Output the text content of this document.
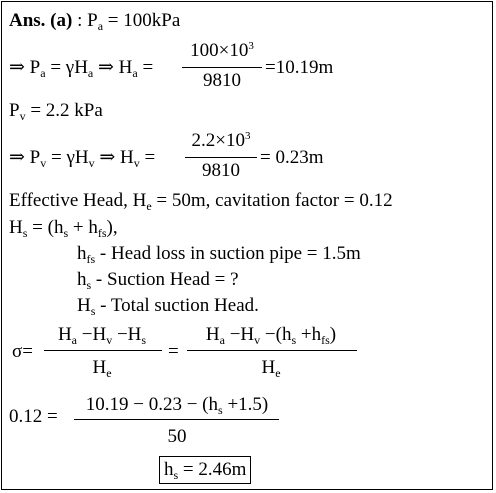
Ans. (a) : $P_a = 100kPa$
⇒ $P_a = \gamma H_a$ ⇒ $H_a$ =
$100\times 10^3$
9810
=10.19m
$P_v = 2.2$ kPa
⇒ $P_v = \gamma H_v$ ⇒ $H_v$ =
$2.2\times 10^3$
9810
= 0.23m
Effective Head, $H_e = 50m$, cavitation factor = 0.12
$H_s = (h_s + h_{fs})$,
$h_{fs}$ - Head loss in suction pipe = 1.5m
$h_s$ - Suction Head = ?
$H_s$ - Total suction Head.
σ=
$H_a -H_v -H_s$
$H_e$
=
$H_a -H_v -(h_s +h_{fs})$
$H_e$
0.12 =
$10.19 - 0.23 - (h_s +1.5)$
50
$h_s = 2.46m$
